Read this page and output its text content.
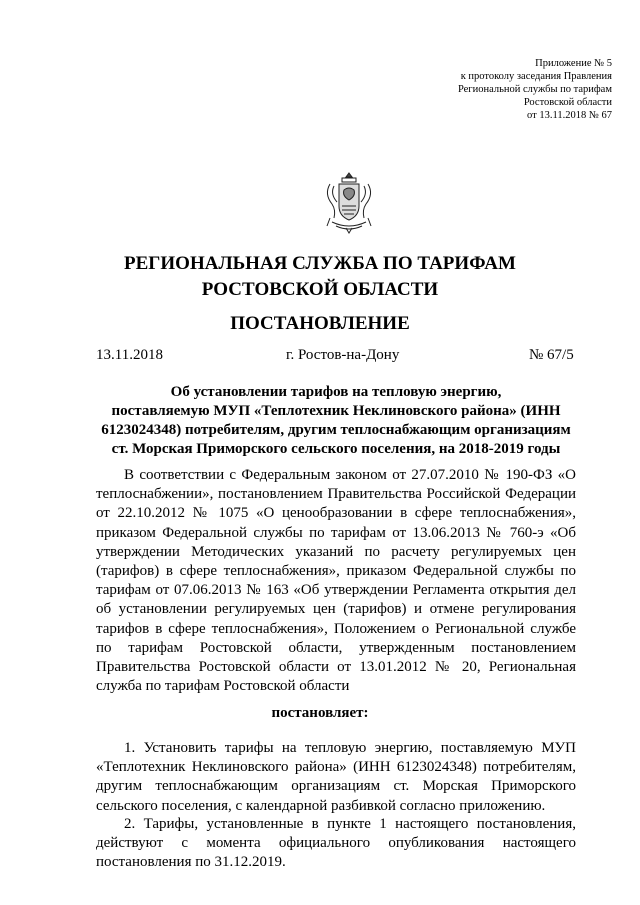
Приложение № 5
к протоколу заседания Правления
Региональной службы по тарифам
Ростовской области
от 13.11.2018 № 67
РЕГИОНАЛЬНАЯ СЛУЖБА ПО ТАРИФАМ
РОСТОВСКОЙ ОБЛАСТИ
ПОСТАНОВЛЕНИЕ
13.11.2018	г. Ростов-на-Дону	№ 67/5
Об установлении тарифов на тепловую энергию,
поставляемую МУП «Теплотехник Неклиновского района» (ИНН
6123024348) потребителям, другим теплоснабжающим организациям
ст. Морская Приморского сельского поселения, на 2018-2019 годы

В соответствии с Федеральным законом от 27.07.2010 № 190-ФЗ «О теплоснабжении», постановлением Правительства Российской Федерации от 22.10.2012 № 1075 «О ценообразовании в сфере теплоснабжения», приказом Федеральной службы по тарифам от 13.06.2013 № 760-э «Об утверждении Методических указаний по расчету регулируемых цен (тарифов) в сфере теплоснабжения», приказом Федеральной службы по тарифам от 07.06.2013 № 163 «Об утверждении Регламента открытия дел об установлении регулируемых цен (тарифов) и отмене регулирования тарифов в сфере теплоснабжения», Положением о Региональной службе по тарифам Ростовской области, утвержденным постановлением Правительства Ростовской области от 13.01.2012 № 20, Региональная служба по тарифам Ростовской области

постановляет:

1. Установить тарифы на тепловую энергию, поставляемую МУП «Теплотехник Неклиновского района» (ИНН 6123024348) потребителям, другим теплоснабжающим организациям ст. Морская Приморского сельского поселения, с календарной разбивкой согласно приложению.

2. Тарифы, установленные в пункте 1 настоящего постановления, действуют с момента официального опубликования настоящего постановления по 31.12.2019.
